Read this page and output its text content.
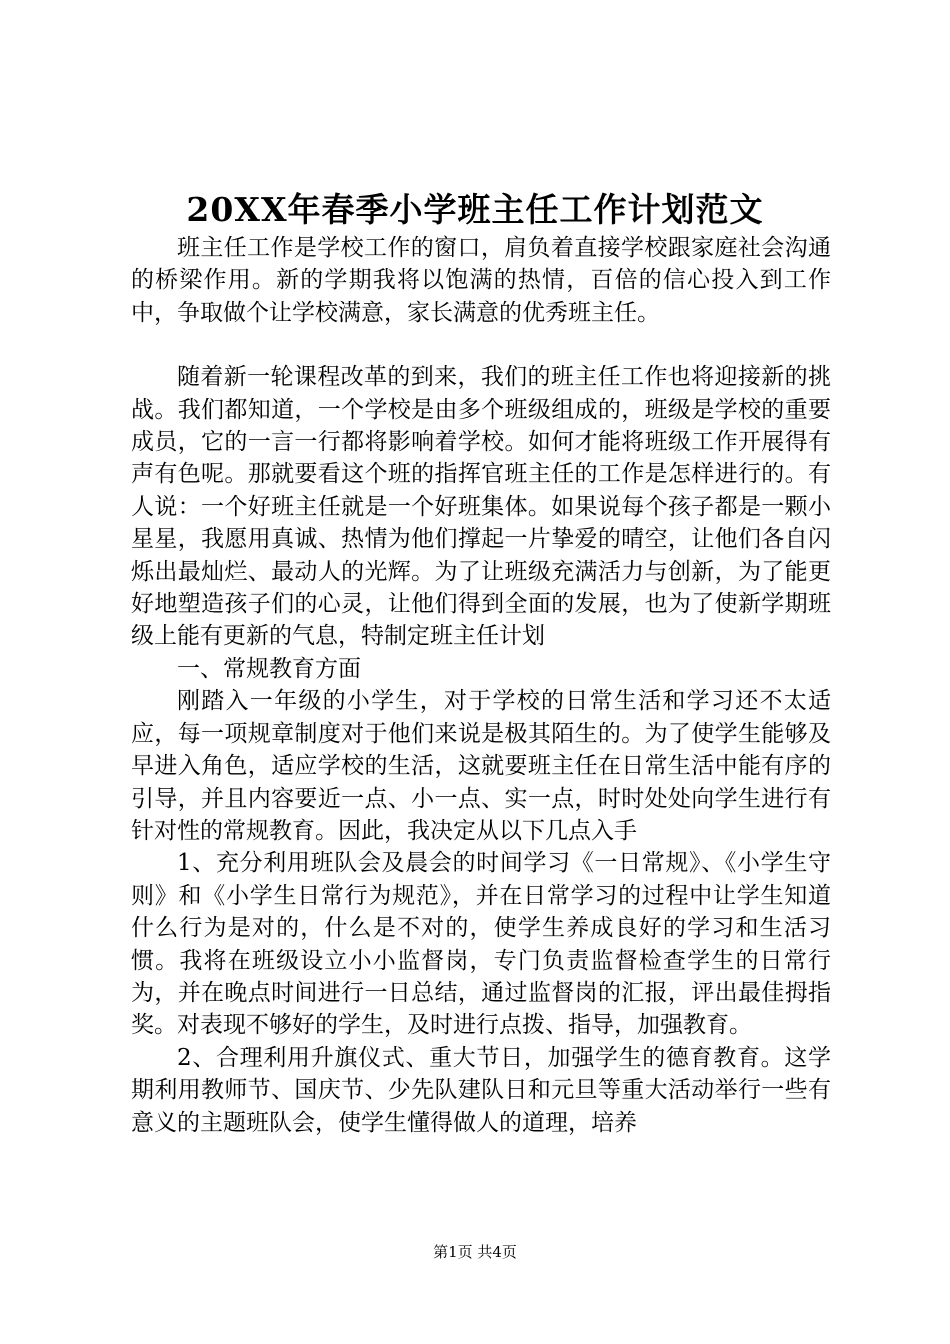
20XX年春季小学班主任工作计划范文

班主任工作是学校工作的窗口，肩负着直接学校跟家庭社会沟通的桥梁作用。新的学期我将以饱满的热情，百倍的信心投入到工作中，争取做个让学校满意，家长满意的优秀班主任。

随着新一轮课程改革的到来，我们的班主任工作也将迎接新的挑战。我们都知道，一个学校是由多个班级组成的，班级是学校的重要成员，它的一言一行都将影响着学校。如何才能将班级工作开展得有声有色呢。那就要看这个班的指挥官班主任的工作是怎样进行的。有人说：一个好班主任就是一个好班集体。如果说每个孩子都是一颗小星星，我愿用真诚、热情为他们撑起一片挚爱的晴空，让他们各自闪烁出最灿烂、最动人的光辉。为了让班级充满活力与创新，为了能更好地塑造孩子们的心灵，让他们得到全面的发展，也为了使新学期班级上能有更新的气息，特制定班主任计划

一、常规教育方面

刚踏入一年级的小学生，对于学校的日常生活和学习还不太适应，每一项规章制度对于他们来说是极其陌生的。为了使学生能够及早进入角色，适应学校的生活，这就要班主任在日常生活中能有序的引导，并且内容要近一点、小一点、实一点，时时处处向学生进行有针对性的常规教育。因此，我决定从以下几点入手

1、充分利用班队会及晨会的时间学习《一日常规》、《小学生守则》和《小学生日常行为规范》，并在日常学习的过程中让学生知道什么行为是对的，什么是不对的，使学生养成良好的学习和生活习惯。我将在班级设立小小监督岗，专门负责监督检查学生的日常行为，并在晚点时间进行一日总结，通过监督岗的汇报，评出最佳拇指奖。对表现不够好的学生，及时进行点拨、指导，加强教育。

2、合理利用升旗仪式、重大节日，加强学生的德育教育。这学期利用教师节、国庆节、少先队建队日和元旦等重大活动举行一些有意义的主题班队会，使学生懂得做人的道理，培养

第1页 共4页
